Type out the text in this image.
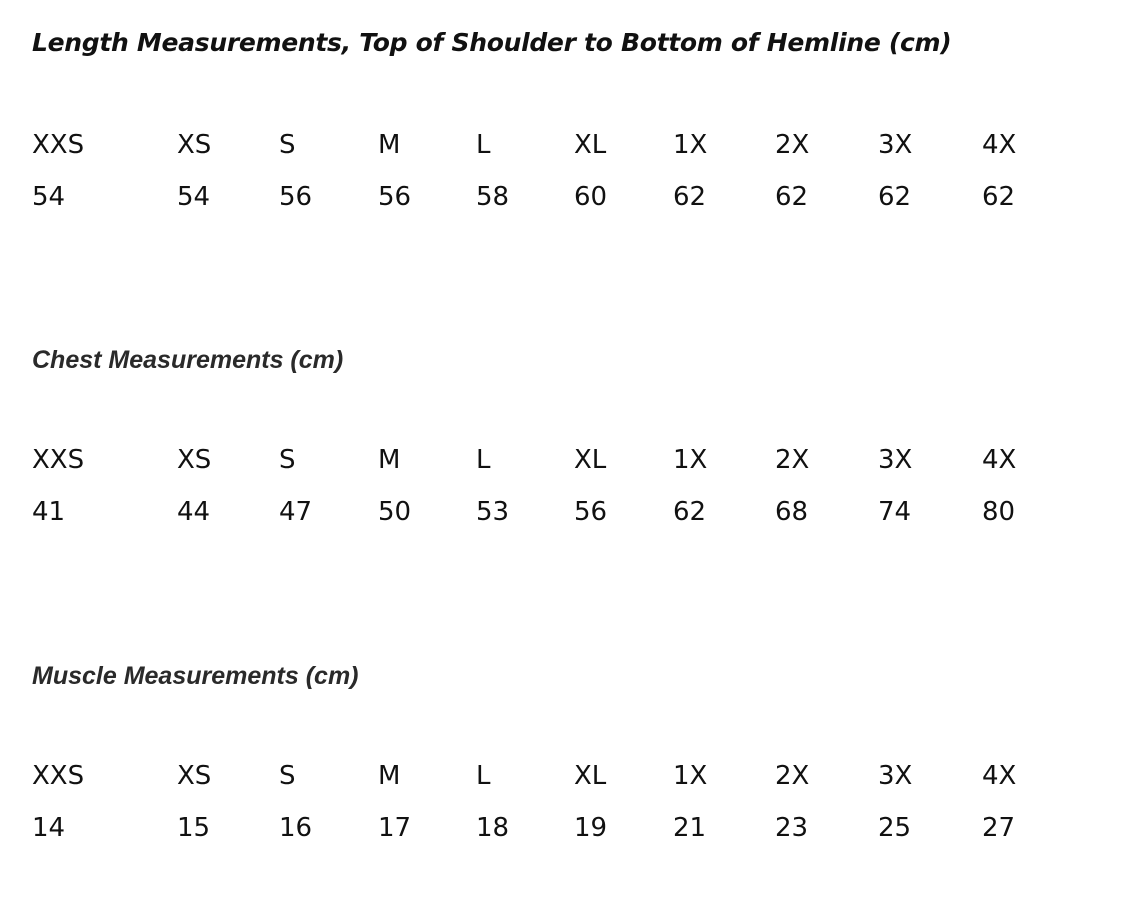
Length Measurements, Top of Shoulder to Bottom of Hemline (cm)
XXS	XS	S	M	L	XL	1X	2X	3X	4X
54	54	56	56	58	60	62	62	62	62
Chest Measurements (cm)
XXS	XS	S	M	L	XL	1X	2X	3X	4X
41	44	47	50	53	56	62	68	74	80
Muscle Measurements (cm)
XXS	XS	S	M	L	XL	1X	2X	3X	4X
14	15	16	17	18	19	21	23	25	27
